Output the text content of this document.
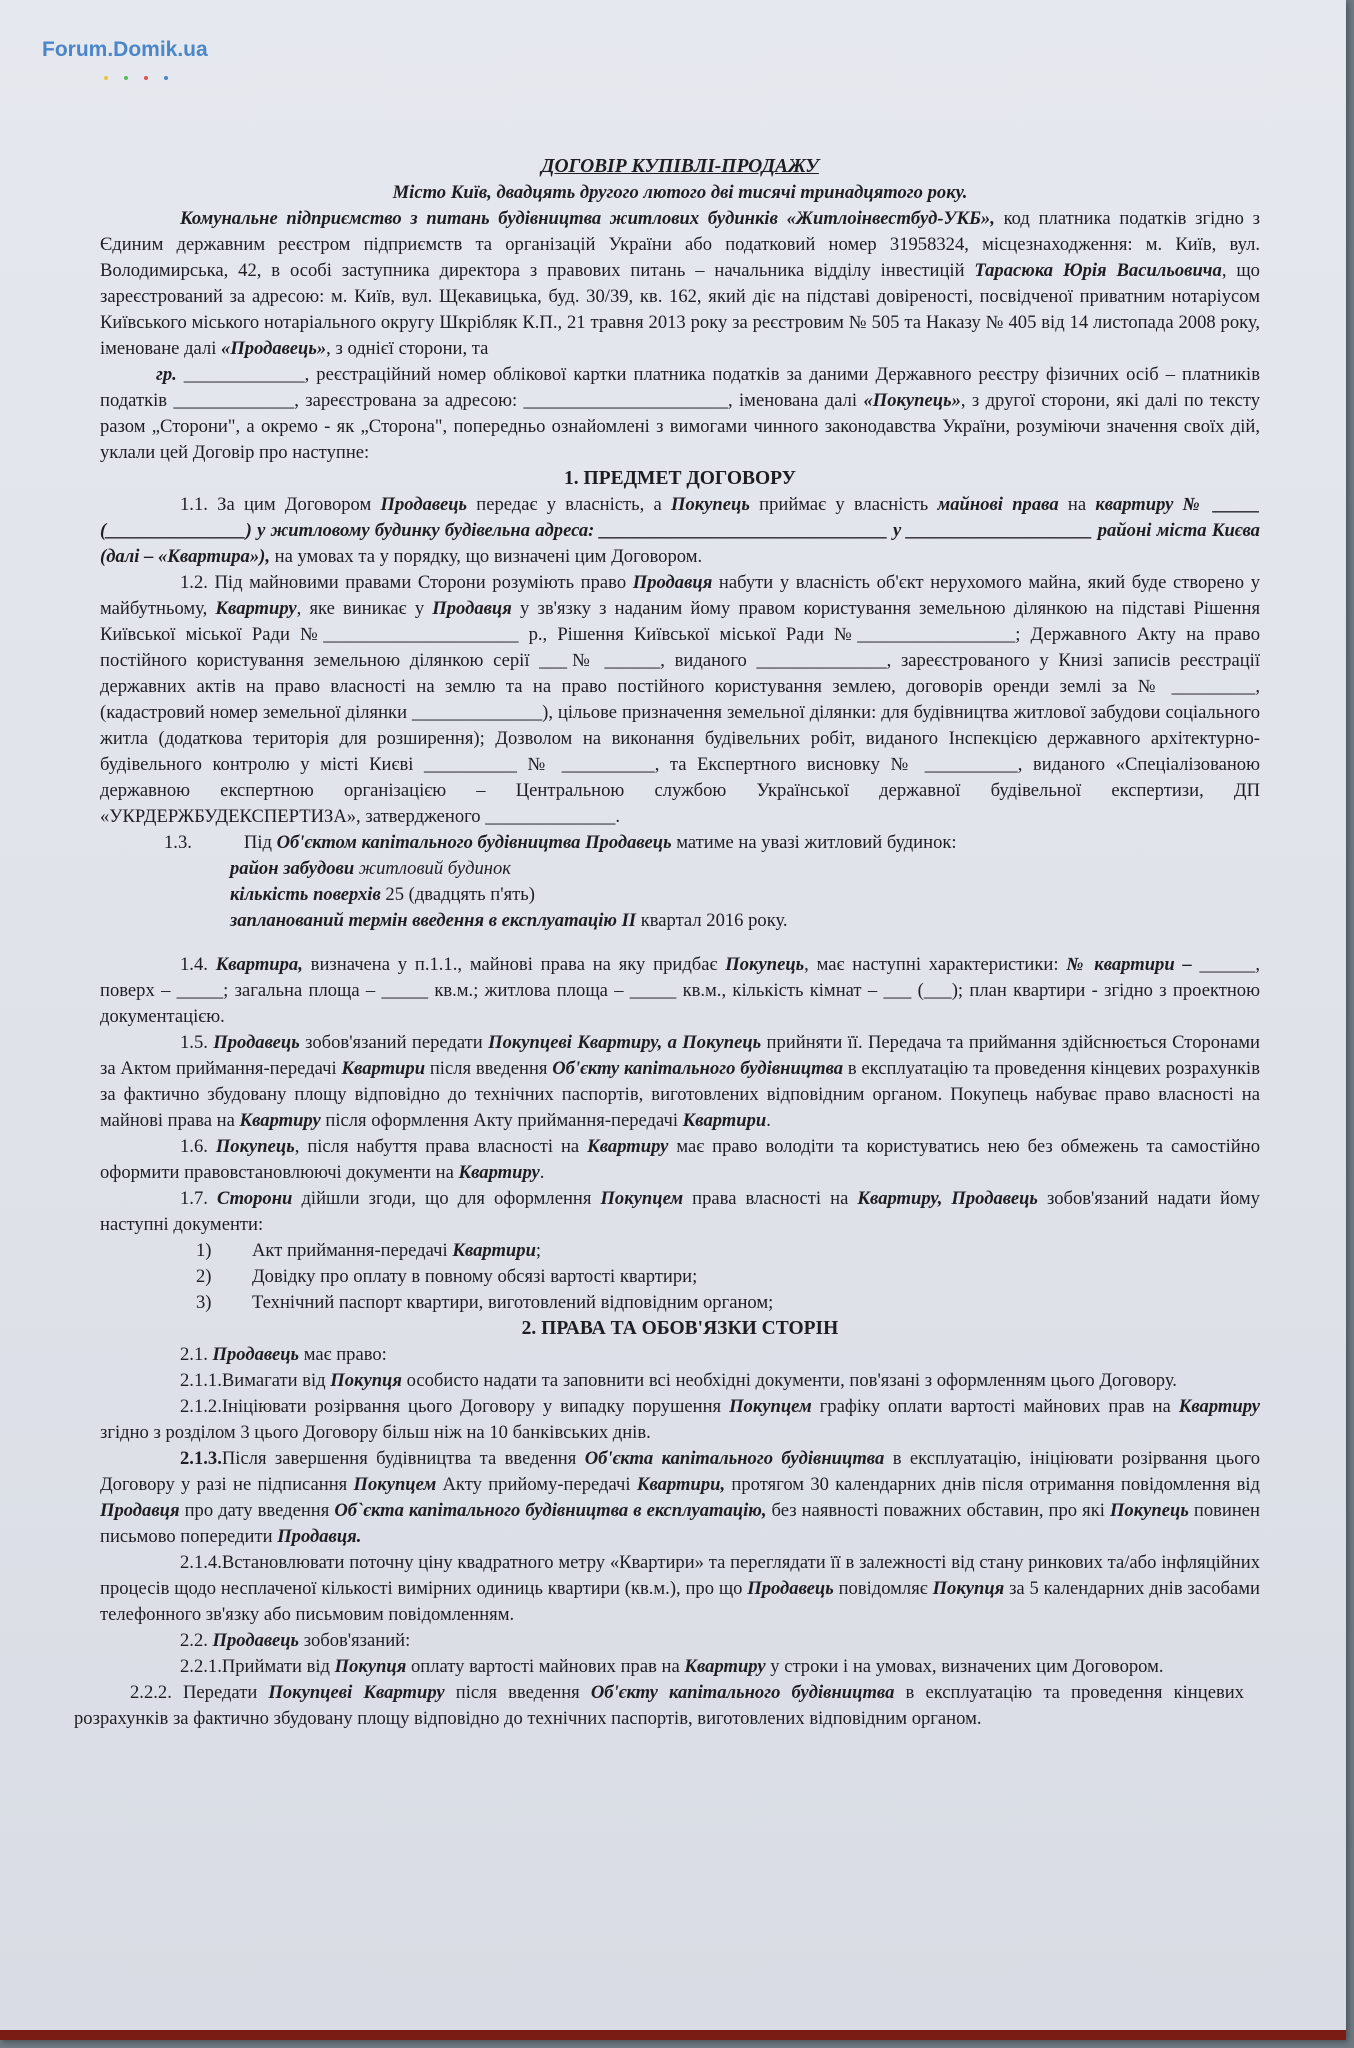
Forum.Domik.ua

ДОГОВІР КУПІВЛІ-ПРОДАЖУ

Місто Київ, двадцять другого лютого дві тисячі тринадцятого року.

Комунальне підприємство з питань будівництва житлових будинків «Житлоінвестбуд-УКБ», код платника податків згідно з Єдиним державним реєстром підприємств та організацій України або податковий номер 31958324, місцезнаходження: м. Київ, вул. Володимирська, 42, в особі заступника директора з правових питань – начальника відділу інвестицій Тарасюка Юрія Васильовича, що зареєстрований за адресою: м. Київ, вул. Щекавицька, буд. 30/39, кв. 162, який діє на підставі довіреності, посвідченої приватним нотаріусом Київського міського нотаріального округу Шкрібляк К.П., 21 травня 2013 року за реєстровим № 505 та Наказу № 405 від 14 листопада 2008 року, іменоване далі «Продавець», з однієї сторони, та

гр. _____________, реєстраційний номер облікової картки платника податків за даними Державного реєстру фізичних осіб – платників податків _____________, зареєстрована за адресою: ______________________, іменована далі «Покупець», з другої сторони, які далі по тексту разом „Сторони", а окремо - як „Сторона", попередньо ознайомлені з вимогами чинного законодавства України, розуміючи значення своїх дій, уклали цей Договір про наступне:

1. ПРЕДМЕТ ДОГОВОРУ

1.1. За цим Договором Продавець передає у власність, а Покупець приймає у власність майнові права на квартиру № _____ (_______________) у житловому будинку будівельна адреса: _______________________________ у ____________________ районі міста Києва (далі – «Квартира»), на умовах та у порядку, що визначені цим Договором.

1.2. Під майновими правами Сторони розуміють право Продавця набути у власність об'єкт нерухомого майна, який буде створено у майбутньому, Квартиру, яке виникає у Продавця у зв'язку з наданим йому правом користування земельною ділянкою на підставі Рішення Київської міської Ради №_____________________ р., Рішення Київської міської Ради №_________________; Державного Акту на право постійного користування земельною ділянкою серії ___№ ______, виданого ______________, зареєстрованого у Книзі записів реєстрації державних актів на право власності на землю та на право постійного користування землею, договорів оренди землі за № _________, (кадастровий номер земельної ділянки ______________), цільове призначення земельної ділянки: для будівництва житлової забудови соціального житла (додаткова територія для розширення); Дозволом на виконання будівельних робіт, виданого Інспекцією державного архітектурно-будівельного контролю у місті Києві __________ № __________, та Експертного висновку № __________, виданого «Спеціалізованою державною експертною організацією – Центральною службою Української державної будівельної експертизи, ДП «УКРДЕРЖБУДЕКСПЕРТИЗА», затвердженого ______________.

1.3.	Під Об'єктом капітального будівництва Продавець матиме на увазі житловий будинок:

район забудови житловий будинок

кількість поверхів 25 (двадцять п'ять)

запланований термін введення в експлуатацію II квартал 2016 року.

1.4. Квартира, визначена у п.1.1., майнові права на яку придбає Покупець, має наступні характеристики: № квартири – ______, поверх – _____; загальна площа – _____ кв.м.; житлова площа – _____ кв.м., кількість кімнат – ___ (___); план квартири - згідно з проектною документацією.

1.5. Продавець зобов'язаний передати Покупцеві Квартиру, а Покупець прийняти її. Передача та приймання здійснюється Сторонами за Актом приймання-передачі Квартири після введення Об'єкту капітального будівництва в експлуатацію та проведення кінцевих розрахунків за фактично збудовану площу відповідно до технічних паспортів, виготовлених відповідним органом. Покупець набуває право власності на майнові права на Квартиру після оформлення Акту приймання-передачі Квартири.

1.6. Покупець, після набуття права власності на Квартиру має право володіти та користуватись нею без обмежень та самостійно оформити правовстановлюючі документи на Квартиру.

1.7. Сторони дійшли згоди, що для оформлення Покупцем права власності на Квартиру, Продавець зобов'язаний надати йому наступні документи:

1) Акт приймання-передачі Квартири;

2) Довідку про оплату в повному обсязі вартості квартири;

3) Технічний паспорт квартири, виготовлений відповідним органом;

2. ПРАВА ТА ОБОВ'ЯЗКИ СТОРІН

2.1. Продавець має право:

2.1.1.Вимагати від Покупця особисто надати та заповнити всі необхідні документи, пов'язані з оформленням цього Договору.

2.1.2.Ініціювати розірвання цього Договору у випадку порушення Покупцем графіку оплати вартості майнових прав на Квартиру згідно з розділом 3 цього Договору більш ніж на 10 банківських днів.

2.1.3.Після завершення будівництва та введення Об'єкта капітального будівництва в експлуатацію, ініціювати розірвання цього Договору у разі не підписання Покупцем Акту прийому-передачі Квартири, протягом 30 календарних днів після отримання повідомлення від Продавця про дату введення Об`єкта капітального будівництва в експлуатацію, без наявності поважних обставин, про які Покупець повинен письмово попередити Продавця.

2.1.4.Встановлювати поточну ціну квадратного метру «Квартири» та переглядати її в залежності від стану ринкових та/або інфляційних процесів щодо несплаченої кількості вимірних одиниць квартири (кв.м.), про що Продавець повідомляє Покупця за 5 календарних днів засобами телефонного зв'язку або письмовим повідомленням.

2.2. Продавець зобов'язаний:

2.2.1.Приймати від Покупця оплату вартості майнових прав на Квартиру у строки і на умовах, визначених цим Договором.

2.2.2. Передати Покупцеві Квартиру після введення Об'єкту капітального будівництва в експлуатацію та проведення кінцевих розрахунків за фактично збудовану площу відповідно до технічних паспортів, виготовлених відповідним органом.
